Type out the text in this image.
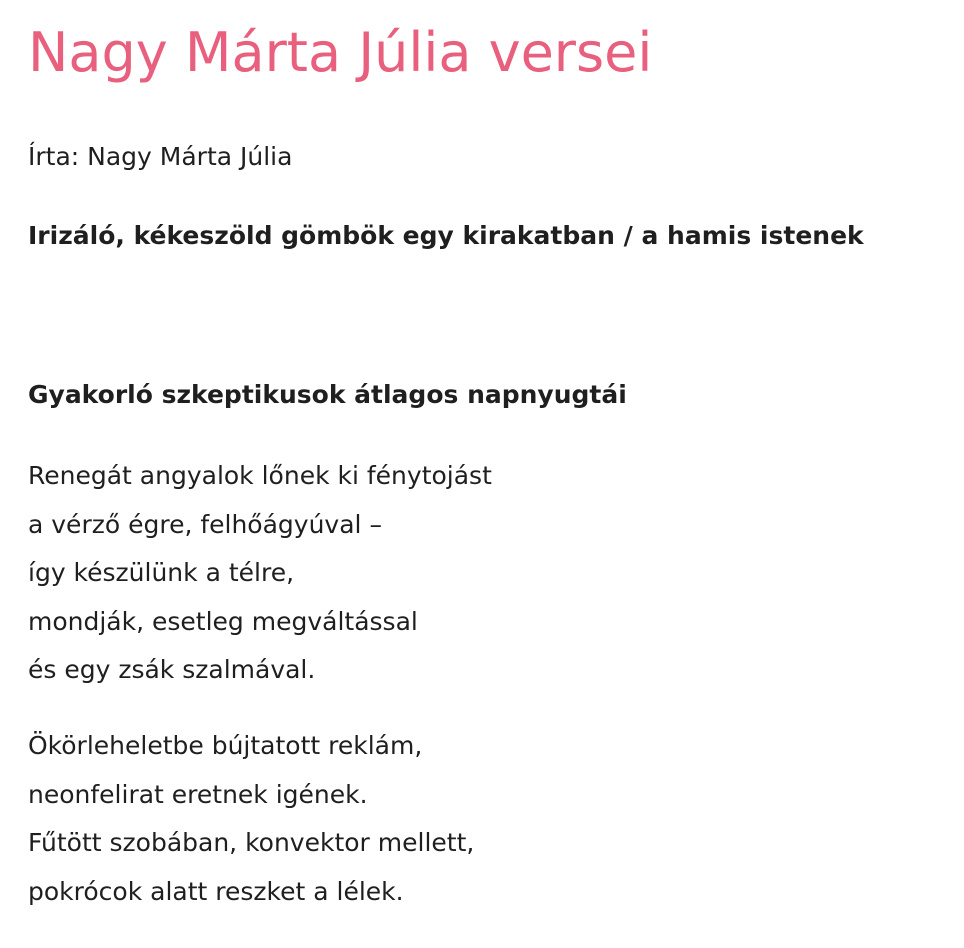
Nagy Márta Júlia versei

Írta: Nagy Márta Júlia

Irizáló, kékeszöld gömbök egy kirakatban / a hamis istenek

Gyakorló szkeptikusok átlagos napnyugtái

Renegát angyalok lőnek ki fénytojást
a vérző égre, felhőágyúval –
így készülünk a télre,
mondják, esetleg megváltással
és egy zsák szalmával.

Ökörleheletbe bújtatott reklám,
neonfelirat eretnek igének.
Fűtött szobában, konvektor mellett,
pokrócok alatt reszket a lélek.
